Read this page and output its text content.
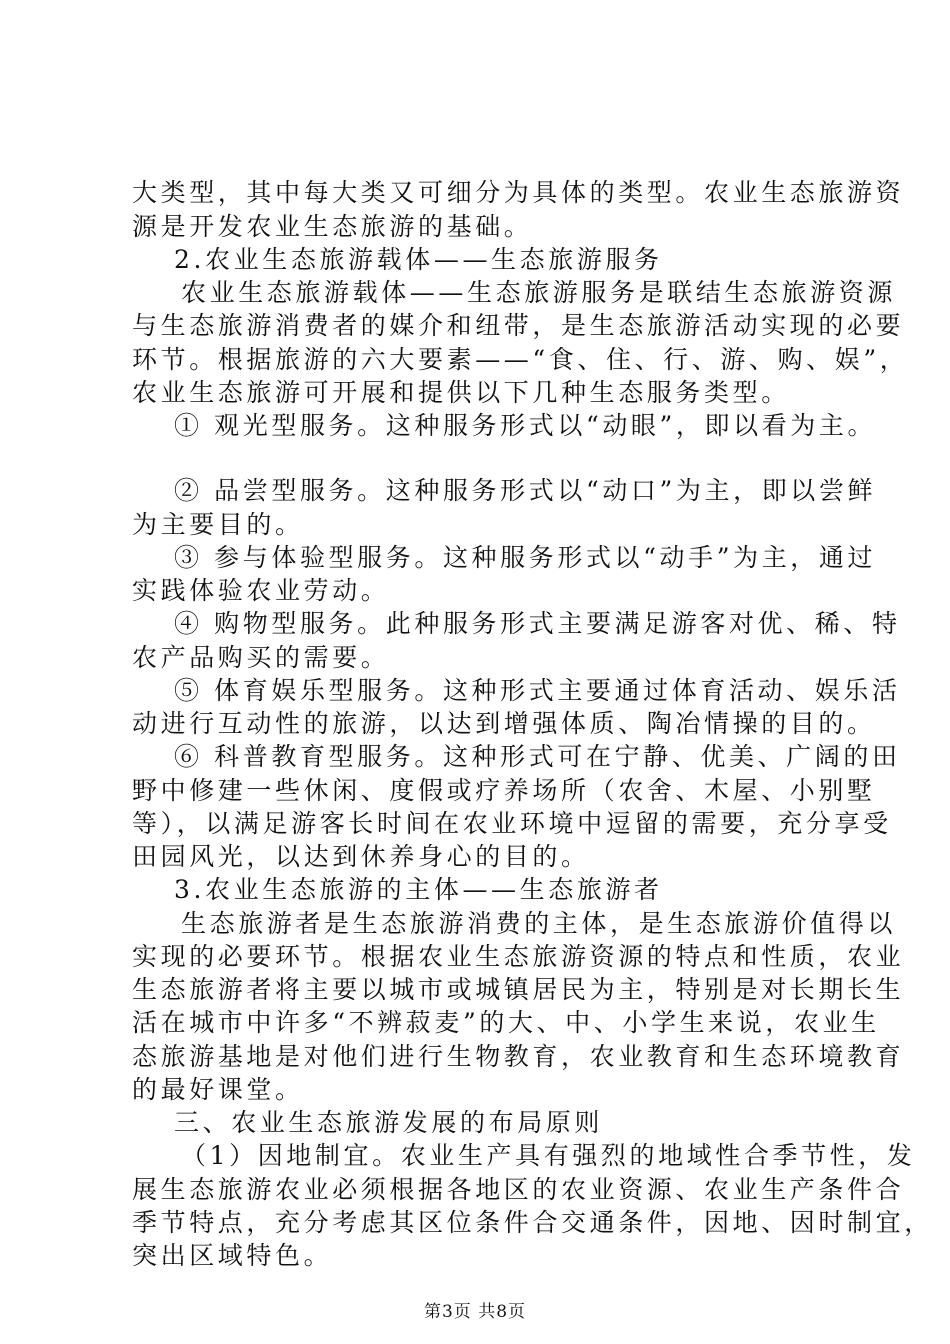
大类型，其中每大类又可细分为具体的类型。农业生态旅游资
源是开发农业生态旅游的基础。
2.农业生态旅游载体——生态旅游服务
农业生态旅游载体——生态旅游服务是联结生态旅游资源
与生态旅游消费者的媒介和纽带，是生态旅游活动实现的必要
环节。根据旅游的六大要素——“食、住、行、游、购、娱”，
农业生态旅游可开展和提供以下几种生态服务类型。
① 观光型服务。这种服务形式以“动眼”，即以看为主。
② 品尝型服务。这种服务形式以“动口”为主，即以尝鲜
为主要目的。
③ 参与体验型服务。这种服务形式以“动手”为主，通过
实践体验农业劳动。
④ 购物型服务。此种服务形式主要满足游客对优、稀、特
农产品购买的需要。
⑤ 体育娱乐型服务。这种形式主要通过体育活动、娱乐活
动进行互动性的旅游，以达到增强体质、陶冶情操的目的。
⑥ 科普教育型服务。这种形式可在宁静、优美、广阔的田
野中修建一些休闲、度假或疗养场所（农舍、木屋、小别墅
等），以满足游客长时间在农业环境中逗留的需要，充分享受
田园风光，以达到休养身心的目的。
3.农业生态旅游的主体——生态旅游者
生态旅游者是生态旅游消费的主体，是生态旅游价值得以
实现的必要环节。根据农业生态旅游资源的特点和性质，农业
生态旅游者将主要以城市或城镇居民为主，特别是对长期长生
活在城市中许多“不辨菽麦”的大、中、小学生来说，农业生
态旅游基地是对他们进行生物教育，农业教育和生态环境教育
的最好课堂。
三、农业生态旅游发展的布局原则
（1）因地制宜。农业生产具有强烈的地域性合季节性，发
展生态旅游农业必须根据各地区的农业资源、农业生产条件合
季节特点，充分考虑其区位条件合交通条件，因地、因时制宜，
突出区域特色。
第3页 共8页
